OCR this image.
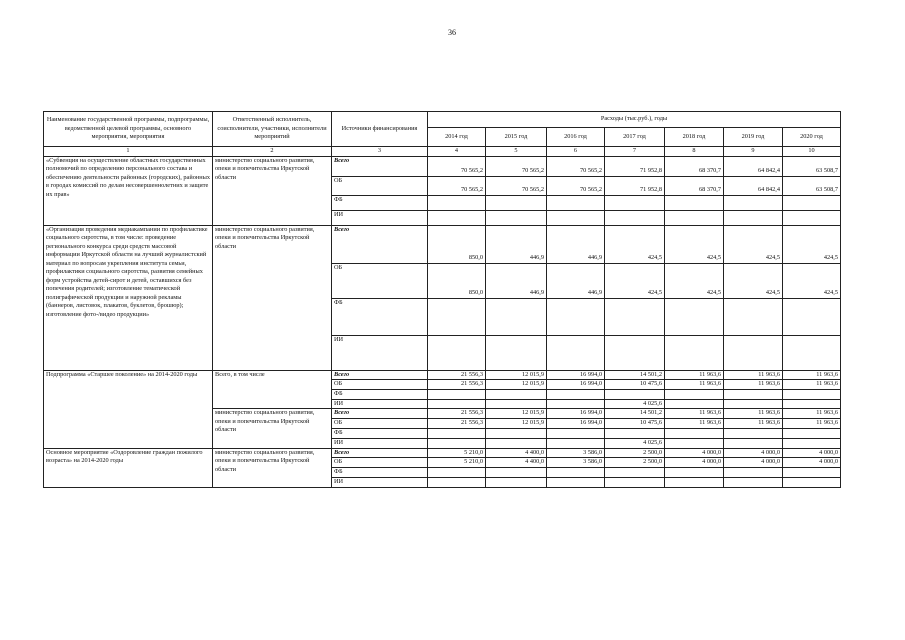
36
Наименование государственной программы, подпрограммы, ведомственной целевой программы, основного мероприятия, мероприятия	Ответственный исполнитель, соисполнители, участники, исполнители мероприятий	Источники финансирования	Расходы (тыс.руб.), годы						
			2014 год	2015 год	2016 год	2017 год	2018 год	2019 год	2020 год
1	2	3	4	5	6	7	8	9	10
«Субвенция на осуществление областных государственных полномочий по определению персонального состава и обеспечению деятельности районных (городских), районных в городах комиссий по делам несовершеннолетних и защите их прав»	министерство социального развития, опеки и попечительства Иркутской области	Всего	70 565,2	70 565,2	70 565,2	71 952,8	68 370,7	64 842,4	63 508,7
		ОБ	70 565,2	70 565,2	70 565,2	71 952,8	68 370,7	64 842,4	63 508,7
		ФБ							
		ИИ							
«Организация проведения медиакампании по профилактике социального сиротства, в том числе: проведение регионального конкурса среди средств массовой информации Иркутской области на лучший журналистский материал по вопросам укрепления института семьи, профилактики социального сиротства, развития семейных форм устройства детей-сирот и детей, оставшихся без попечения родителей; изготовление тематической полиграфической продукции и наружной рекламы (баннеров, листовок, плакатов, буклетов, брошюр); изготовление фото-/видео продукции»	министерство социального развития, опеки и попечительства Иркутской области	Всего	850,0	446,9	446,9	424,5	424,5	424,5	424,5
		ОБ	850,0	446,9	446,9	424,5	424,5	424,5	424,5
		ФБ							
		ИИ							
Подпрограмма «Старшее поколение» на 2014-2020 годы	Всего, в том числе	Всего	21 556,3	12 015,9	16 994,0	14 501,2	11 963,6	11 963,6	11 963,6
		ОБ	21 556,3	12 015,9	16 994,0	10 475,6	11 963,6	11 963,6	11 963,6
		ФБ							
		ИИ				4 025,6			
	министерство социального развития, опеки и попечительства Иркутской области	Всего	21 556,3	12 015,9	16 994,0	14 501,2	11 963,6	11 963,6	11 963,6
		ОБ	21 556,3	12 015,9	16 994,0	10 475,6	11 963,6	11 963,6	11 963,6
		ФБ							
		ИИ				4 025,6			
Основное мероприятие «Оздоровление граждан пожилого возраста» на 2014-2020 годы	министерство социального развития, опеки и попечительства Иркутской области	Всего	5 210,0	4 400,0	3 586,0	2 500,0	4 000,0	4 000,0	4 000,0
		ОБ	5 210,0	4 400,0	3 586,0	2 500,0	4 000,0	4 000,0	4 000,0
		ФБ							
		ИИ							
